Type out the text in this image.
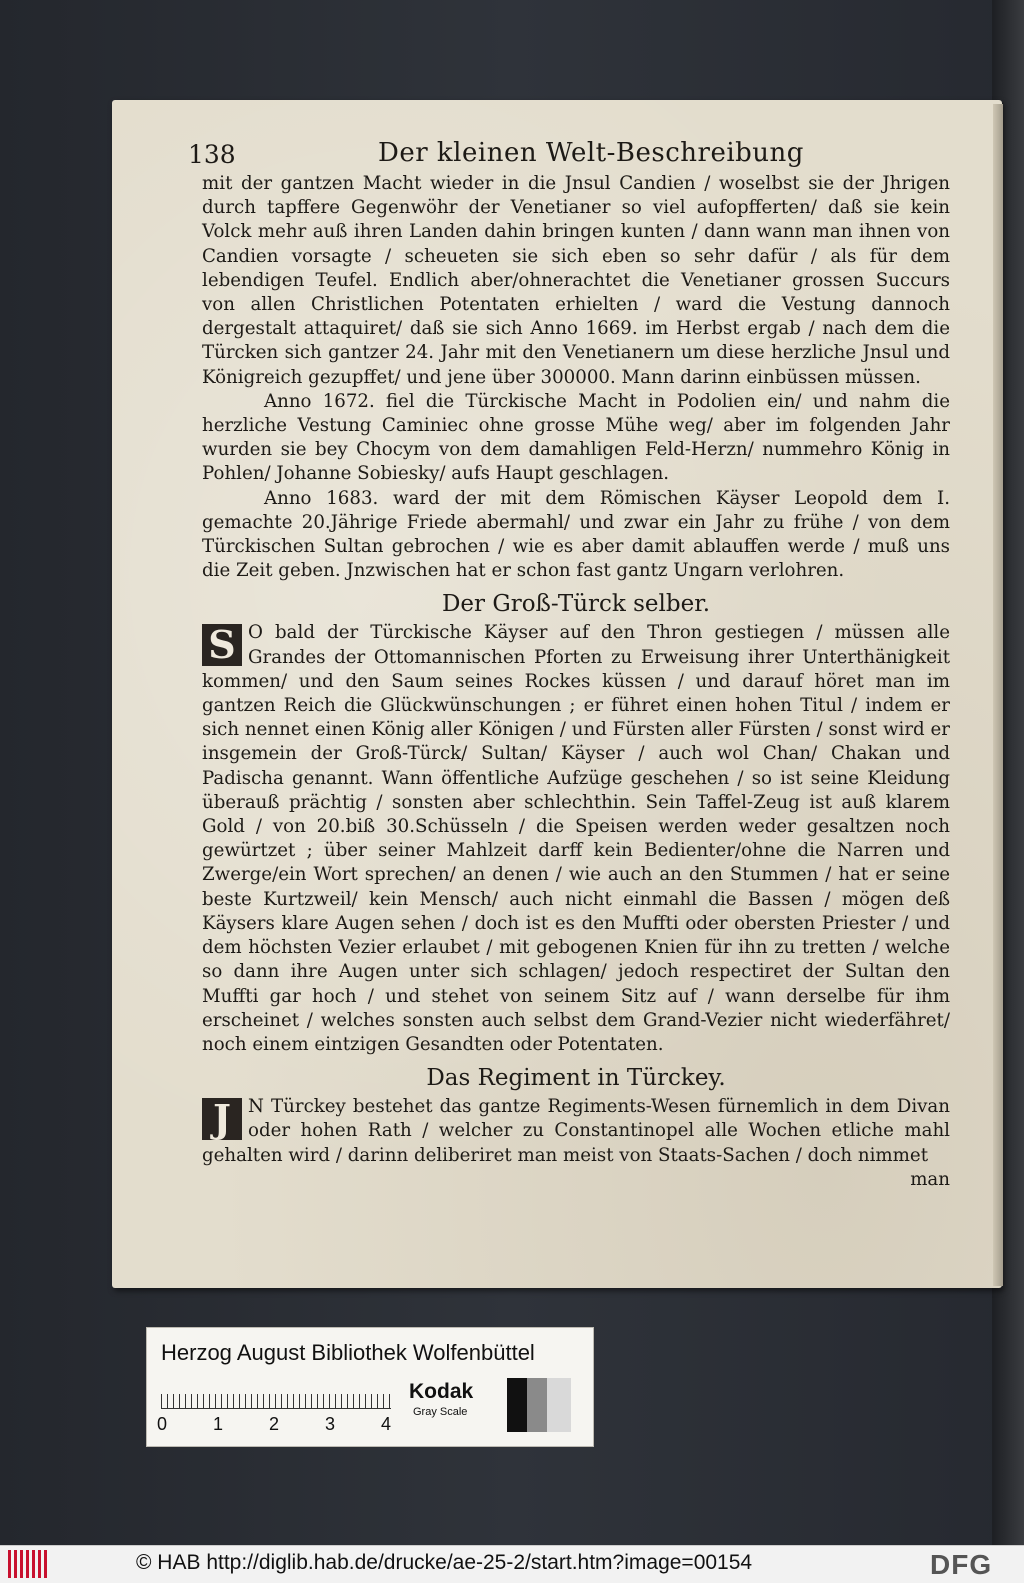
138	Der kleinen Welt-Beschreibung

mit der gantzen Macht wieder in die Jnsul Candien / woselbst sie der Jhrigen durch tapffere Gegenwöhr der Venetianer so viel aufopfferten/ daß sie kein Volck mehr auß ihren Landen dahin bringen kunten / dann wann man ihnen von Candien vorsagte / scheueten sie sich eben so sehr dafür / als für dem lebendigen Teufel. Endlich aber/ohnerachtet die Venetianer grossen Succurs von allen Christlichen Potentaten erhielten / ward die Vestung dannoch dergestalt attaquiret/ daß sie sich Anno 1669. im Herbst ergab / nach dem die Türcken sich gantzer 24. Jahr mit den Venetianern um diese herzliche Jnsul und Königreich gezupffet/ und jene über 300000. Mann darinn einbüssen müssen.

Anno 1672. fiel die Türckische Macht in Podolien ein/ und nahm die herzliche Vestung Caminiec ohne grosse Mühe weg/ aber im folgenden Jahr wurden sie bey Chocym von dem damahligen Feld-Herzn/ nummehro König in Pohlen/ Johanne Sobiesky/ aufs Haupt geschlagen.

Anno 1683. ward der mit dem Römischen Käyser Leopold dem I. gemachte 20.Jährige Friede abermahl/ und zwar ein Jahr zu frühe / von dem Türckischen Sultan gebrochen / wie es aber damit ablauffen werde / muß uns die Zeit geben. Jnzwischen hat er schon fast gantz Ungarn verlohren.

Der Groß-Türck selber.

S O bald der Türckische Käyser auf den Thron gestiegen / müssen alle Grandes der Ottomannischen Pforten zu Erweisung ihrer Unterthänigkeit kommen/ und den Saum seines Rockes küssen / und darauf höret man im gantzen Reich die Glückwünschungen ; er führet einen hohen Titul / indem er sich nennet einen König aller Königen / und Fürsten aller Fürsten / sonst wird er insgemein der Groß-Türck/ Sultan/ Käyser / auch wol Chan/ Chakan und Padischa genannt. Wann öffentliche Aufzüge geschehen / so ist seine Kleidung überauß prächtig / sonsten aber schlechthin. Sein Taffel-Zeug ist auß klarem Gold / von 20.biß 30.Schüsseln / die Speisen werden weder gesaltzen noch gewürtzet ; über seiner Mahlzeit darff kein Bedienter/ohne die Narren und Zwerge/ein Wort sprechen/ an denen / wie auch an den Stummen / hat er seine beste Kurtzweil/ kein Mensch/ auch nicht einmahl die Bassen / mögen deß Käysers klare Augen sehen / doch ist es den Muffti oder obersten Priester / und dem höchsten Vezier erlaubet / mit gebogenen Knien für ihn zu tretten / welche so dann ihre Augen unter sich schlagen/ jedoch respectiret der Sultan den Muffti gar hoch / und stehet von seinem Sitz auf / wann derselbe für ihm erscheinet / welches sonsten auch selbst dem Grand-Vezier nicht wiederfähret/ noch einem eintzigen Gesandten oder Potentaten.

Das Regiment in Türckey.

J N Türckey bestehet das gantze Regiments-Wesen fürnemlich in dem Divan oder hohen Rath / welcher zu Constantinopel alle Wochen etliche mahl gehalten wird / darinn deliberiret man meist von Staats-Sachen / doch nimmet

man
Herzog August Bibliothek Wolfenbüttel
0	1	2	3	4
Kodak
Gray Scale
© HAB http://diglib.hab.de/drucke/ae-25-2/start.htm?image=00154	DFG
